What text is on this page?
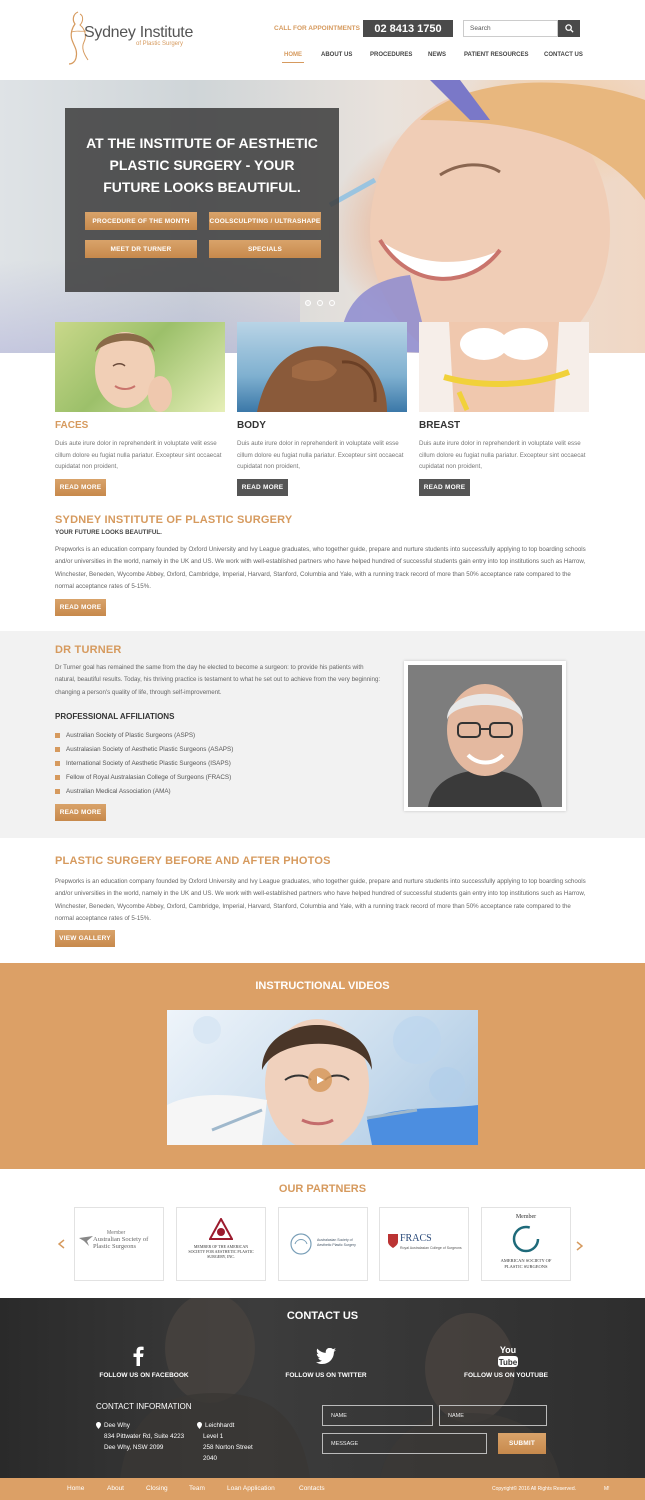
Sydney Institute
of Plastic Surgery
CALL FOR APPOINTMENTS	02 8413 1750	Search
HOME	ABOUT US	PROCEDURES	NEWS	PATIENT RESOURCES	CONTACT US
AT THE INSTITUTE OF AESTHETIC PLASTIC SURGERY - YOUR FUTURE LOOKS BEAUTIFUL.
PROCEDURE OF THE MONTH	COOLSCULPTING / ULTRASHAPE
MEET DR TURNER	SPECIALS
FACES	BODY	BREAST
Duis aute irure dolor in reprehenderit in voluptate velit esse cillum dolore eu fugiat nulla pariatur. Excepteur sint occaecat cupidatat non proident,
Duis aute irure dolor in reprehenderit in voluptate velit esse cillum dolore eu fugiat nulla pariatur. Excepteur sint occaecat cupidatat non proident,
Duis aute irure dolor in reprehenderit in voluptate velit esse cillum dolore eu fugiat nulla pariatur. Excepteur sint occaecat cupidatat non proident,
READ MORE	READ MORE	READ MORE
SYDNEY INSTITUTE OF PLASTIC SURGERY
YOUR FUTURE LOOKS BEAUTIFUL.
Prepworks is an education company founded by Oxford University and Ivy League graduates, who together guide, prepare and nurture students into successfully applying to top boarding schools and/or universities in the world, namely in the UK and US. We work with well-established partners who have helped hundred of successful students gain entry into top institutions such as Harrow, Winchester, Beneden, Wycombe Abbey, Oxford, Cambridge, Imperial, Harvard, Stanford, Columbia and Yale, with a running track record of more than 50% acceptance rate compared to the normal acceptance rates of 5-15%.
READ MORE
DR TURNER
Dr Turner goal has remained the same from the day he elected to become a surgeon: to provide his patients with natural, beautiful results. Today, his thriving practice is testament to what he set out to achieve from the very beginning: changing a person's quality of life, through self-improvement.
PROFESSIONAL AFFILIATIONS
Australian Society of Plastic Surgeons (ASPS)
Australasian Society of Aesthetic Plastic Surgeons (ASAPS)
International Society of Aesthetic Plastic Surgeons (ISAPS)
Fellow of Royal Australasian College of Surgeons (FRACS)
Australian Medical Association (AMA)
READ MORE
PLASTIC SURGERY BEFORE AND AFTER PHOTOS
Prepworks is an education company founded by Oxford University and Ivy League graduates, who together guide, prepare and nurture students into successfully applying to top boarding schools and/or universities in the world, namely in the UK and US. We work with well-established partners who have helped hundred of successful students gain entry into top institutions such as Harrow, Winchester, Beneden, Wycombe Abbey, Oxford, Cambridge, Imperial, Harvard, Stanford, Columbia and Yale, with a running track record of more than 50% acceptance rate compared to the normal acceptance rates of 5-15%.
VIEW GALLERY
INSTRUCTIONAL VIDEOS
OUR PARTNERS
Member
Australian Society of Plastic Surgeons	MEMBER OF THE AMERICAN SOCIETY FOR AESTHETIC PLASTIC SURGERY, INC.
Australasian Society of Aesthetic Plastic Surgery
FRACS
Royal Australasian College of Surgeons
Member
AMERICAN SOCIETY OF PLASTIC SURGEONS
CONTACT US
FOLLOW US ON FACEBOOK	FOLLOW US ON TWITTER
You
Tube
FOLLOW US ON YOUTUBE
CONTACT INFORMATION
Dee Why
834 Pittwater Rd, Suite 4223
Dee Why, NSW 2099
Leichhardt
Level 1
258 Norton Street
2040
NAME	NAME
MESSAGE	SUBMIT
Home	About	Closing	Team	Loan Application	Contacts	Copyright© 2016 All Rights Reserved.	M!
